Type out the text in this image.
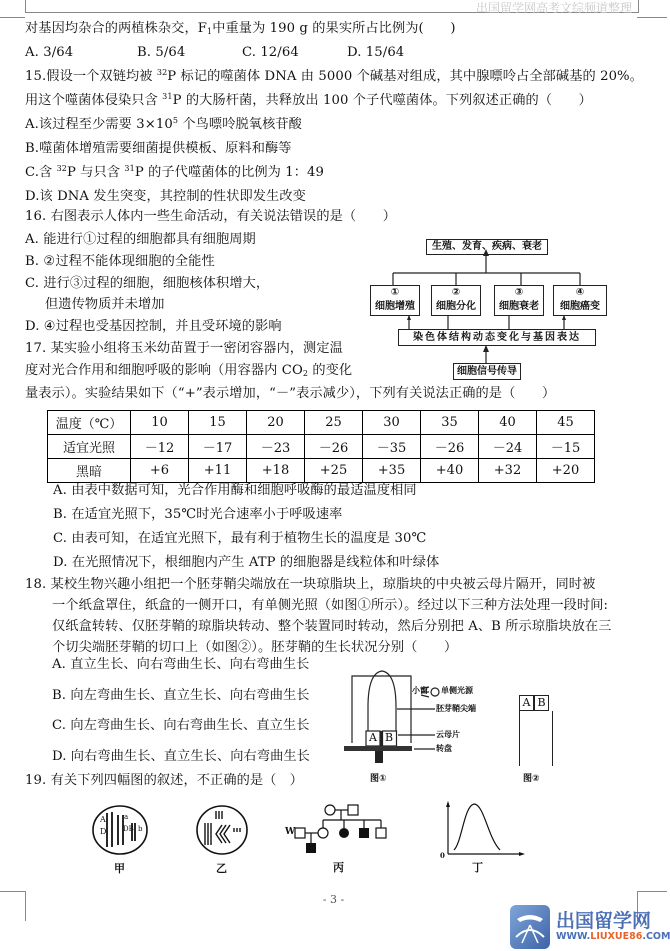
出国留学网高考文综频道整理
对基因均杂合的两植株杂交，$F_1$中重量为 190 g 的果实所占比例为(　　)
A. 3/64	B. 5/64	C. 12/64	D. 15/64
15.假设一个双链均被 $^{32}$P 标记的噬菌体 DNA 由 5000 个碱基对组成，其中腺嘌呤占全部碱基的 20%。
用这个噬菌体侵染只含 $^{31}$P 的大肠杆菌，共释放出 100 个子代噬菌体。下列叙述正确的（　　）
A.该过程至少需要 $3\times 10^5$ 个鸟嘌呤脱氧核苷酸
B.噬菌体增殖需要细菌提供模板、原料和酶等
C.含 $^{32}$P 与只含 $^{31}$P 的子代噬菌体的比例为 1：49
D.该 DNA 发生突变，其控制的性状即发生改变
16. 右图表示人体内一些生命活动，有关说法错误的是（　　）
A. 能进行①过程的细胞都具有细胞周期
B. ②过程不能体现细胞的全能性
C. 进行③过程的细胞，细胞核体积增大，
但遗传物质并未增加
D. ④过程也受基因控制，并且受环境的影响
生殖、发育、疾病、衰老
①
细胞增殖
②
细胞分化
③
细胞衰老
④
细胞癌变
染色体结构动态变化与基因表达
细胞信号传导
17. 某实验小组将玉米幼苗置于一密闭容器内，测定温
度对光合作用和细胞呼吸的影响（用容器内 $CO_2$ 的变化
量表示）。实验结果如下（“+”表示增加，“－”表示减少），下列有关说法正确的是（　　）
温度（℃）	10	15	20	25	30	35	40	45
适宜光照	－12	－17	－23	－26	－35	－26	－24	－15
黑暗	+6	+11	+18	+25	+35	+40	+32	+20
A. 由表中数据可知，光合作用酶和细胞呼吸酶的最适温度相同
B. 在适宜光照下，35℃时光合速率小于呼吸速率
C. 由表可知，在适宜光照下，最有利于植物生长的温度是 30℃
D. 在光照情况下，根细胞内产生 ATP 的细胞器是线粒体和叶绿体
18. 某校生物兴趣小组把一个胚芽鞘尖端放在一块琼脂块上，琼脂块的中央被云母片隔开，同时被
一个纸盒罩住，纸盒的一侧开口，有单侧光照（如图①所示）。经过以下三种方法处理一段时间:
仅纸盒转转、仅胚芽鞘的琼脂块转动、整个装置同时转动，然后分别把 A、B 所示琼脂块放在三
个切尖端胚芽鞘的切口上（如图②）。胚芽鞘的生长状况分别（　　）
A. 直立生长、向右弯曲生长、向右弯曲生长
B. 向左弯曲生长、直立生长、向右弯曲生长
C. 向左弯曲生长、向右弯曲生长、直立生长
D. 向右弯曲生长、直立生长、向右弯曲生长
A B
小窗 单侧光源
胚芽鞘尖端
云母片
转盘
图①
A B
图②
19. 有关下列四幅图的叙述，不正确的是（　）
A
D
a
DB b
甲	乙
W
丙
0
丁
- 3 -
出国留学网
WWW.LIUXUE86.COM
